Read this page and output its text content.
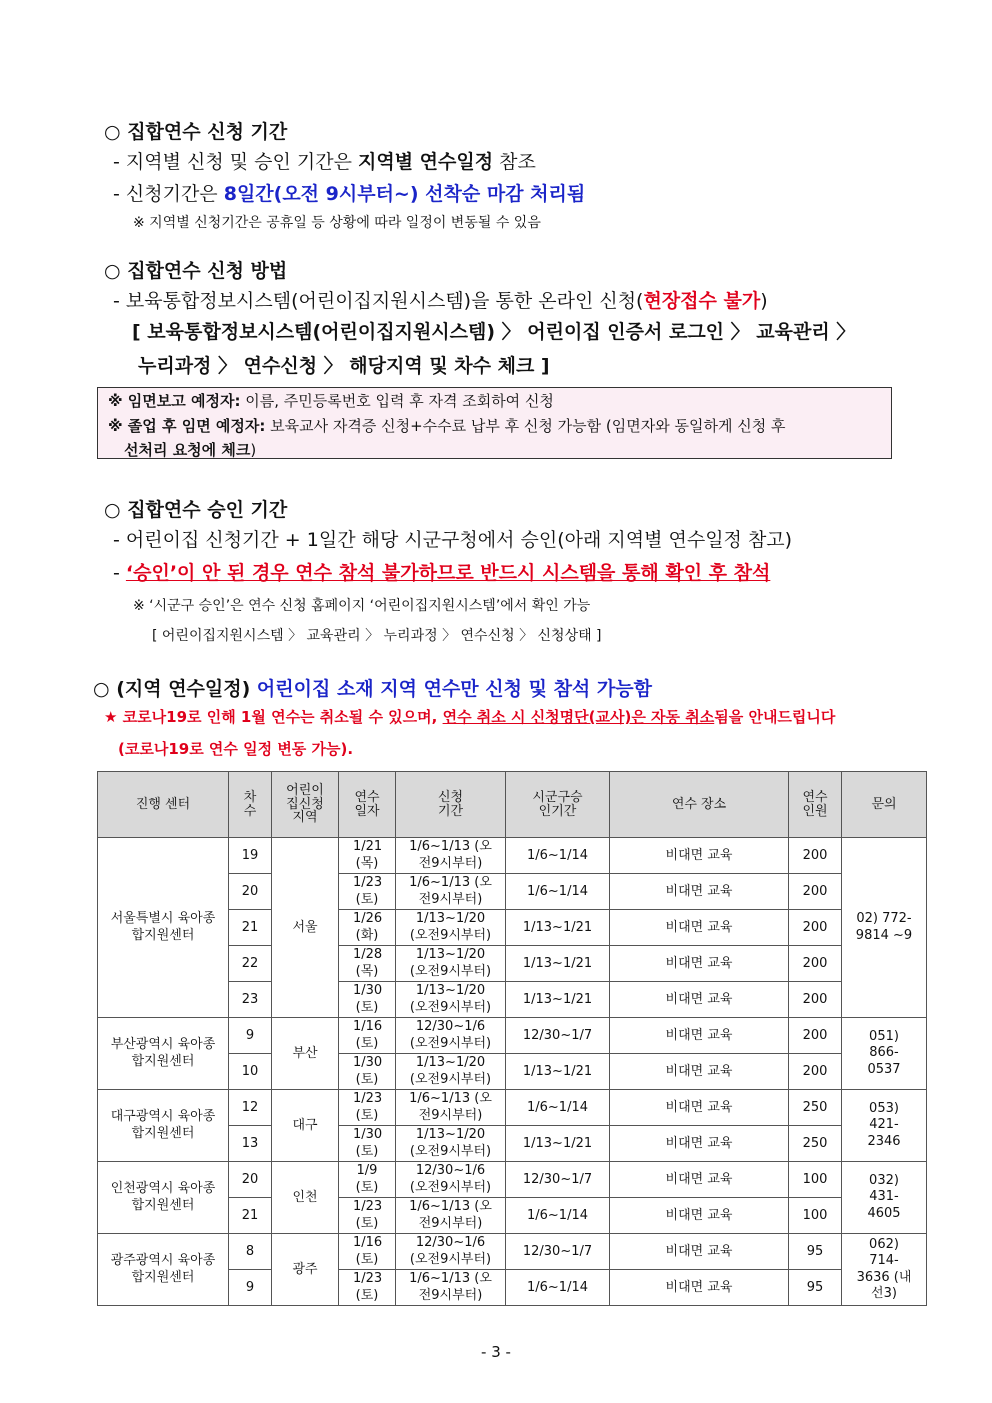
○ 집합연수 신청 기간
- 지역별 신청 및 승인 기간은 지역별 연수일정 참조
- 신청기간은 8일간(오전 9시부터~) 선착순 마감 처리됨
※ 지역별 신청기간은 공휴일 등 상황에 따라 일정이 변동될 수 있음
○ 집합연수 신청 방법
- 보육통합정보시스템(어린이집지원시스템)을 통한 온라인 신청(현장접수 불가)
[ 보육통합정보시스템(어린이집지원시스템) 〉 어린이집 인증서 로그인 〉 교육관리 〉
누리과정 〉 연수신청 〉 해당지역 및 차수 체크 ]
※ 임면보고 예정자: 이름, 주민등록번호 입력 후 자격 조회하여 신청
※ 졸업 후 임면 예정자: 보육교사 자격증 신청+수수료 납부 후 신청 가능함 (임면자와 동일하게 신청 후
선처리 요청에 체크)
○ 집합연수 승인 기간
- 어린이집 신청기간 + 1일간 해당 시군구청에서 승인(아래 지역별 연수일정 참고)
- ‘승인’이 안 된 경우 연수 참석 불가하므로 반드시 시스템을 통해 확인 후 참석
※ ‘시군구 승인’은 연수 신청 홈페이지 ‘어린이집지원시스템’에서 확인 가능
[ 어린이집지원시스템 〉 교육관리 〉 누리과정 〉 연수신청 〉 신청상태 ]
○ (지역 연수일정) 어린이집 소재 지역 연수만 신청 및 참석 가능함
★ 코로나19로 인해 1월 연수는 취소될 수 있으며, 연수 취소 시 신청명단(교사)은 자동 취소됨을 안내드립니다
(코로나19로 연수 일정 변동 가능).
진행 센터	차수	어린이집신청지역	연수일자	신청기간	시군구승인기간	연수 장소	연수인원	문의
서울특별시 육아종합지원센터	19	서울	1/21 (목)	1/6~1/13 (오전9시부터)	1/6~1/14	비대면 교육	200	02) 772-9814 ~9
	20		1/23 (토)	1/6~1/13 (오전9시부터)	1/6~1/14	비대면 교육	200	
	21		1/26 (화)	1/13~1/20 (오전9시부터)	1/13~1/21	비대면 교육	200	
	22		1/28 (목)	1/13~1/20 (오전9시부터)	1/13~1/21	비대면 교육	200	
	23		1/30 (토)	1/13~1/20 (오전9시부터)	1/13~1/21	비대면 교육	200	
부산광역시 육아종합지원센터	9	부산	1/16 (토)	12/30~1/6 (오전9시부터)	12/30~1/7	비대면 교육	200	051) 866-0537
	10		1/30 (토)	1/13~1/20 (오전9시부터)	1/13~1/21	비대면 교육	200	
대구광역시 육아종합지원센터	12	대구	1/23 (토)	1/6~1/13 (오전9시부터)	1/6~1/14	비대면 교육	250	053) 421-2346
	13		1/30 (토)	1/13~1/20 (오전9시부터)	1/13~1/21	비대면 교육	250	
인천광역시 육아종합지원센터	20	인천	1/9 (토)	12/30~1/6 (오전9시부터)	12/30~1/7	비대면 교육	100	032) 431-4605
	21		1/23 (토)	1/6~1/13 (오전9시부터)	1/6~1/14	비대면 교육	100	
광주광역시 육아종합지원센터	8	광주	1/16 (토)	12/30~1/6 (오전9시부터)	12/30~1/7	비대면 교육	95	062) 714-3636 (내선3)
	9		1/23 (토)	1/6~1/13 (오전9시부터)	1/6~1/14	비대면 교육	95	
- 3 -
